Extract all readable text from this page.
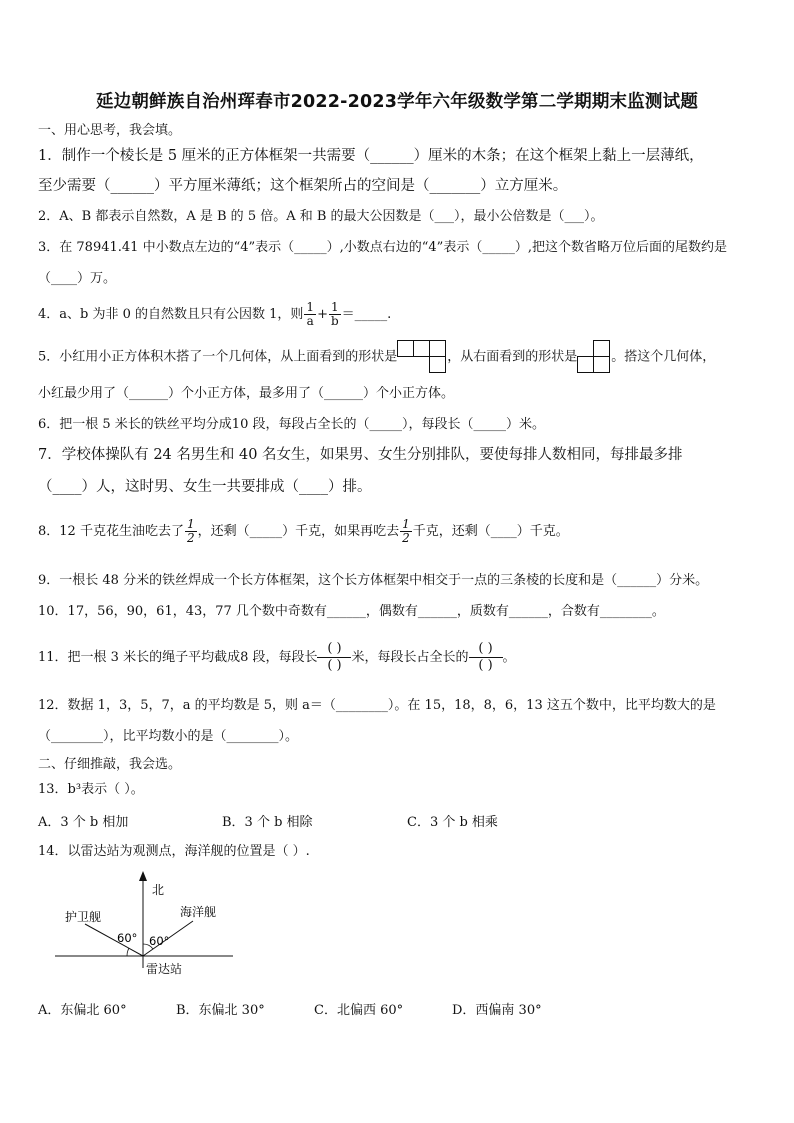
延边朝鲜族自治州珲春市2022-2023学年六年级数学第二学期期末监测试题
一、用心思考，我会填。
1．制作一个棱长是 5 厘米的正方体框架一共需要（______）厘米的木条；在这个框架上黏上一层薄纸，
至少需要（______）平方厘米薄纸；这个框架所占的空间是（_______）立方厘米。
2．A、B 都表示自然数，A 是 B 的 5 倍。A 和 B 的最大公因数是（___），最小公倍数是（___）。
3．在 78941.41 中小数点左边的“4”表示（_____）,小数点右边的“4”表示（_____）,把这个数省略万位后面的尾数约是
（____）万。
4．a、b 为非 0 的自然数且只有公因数 1，则 $\frac{1}{a} + \frac{1}{b}$ ＝_____.
5．小红用小正方体积木搭了一个几何体，从上面看到的形状是	，从右面看到的形状是	。搭这个几何体，
小红最少用了（______）个小正方体，最多用了（______）个小正方体。
6．把一根 5 米长的铁丝平均分成10 段，每段占全长的（_____），每段长（_____）米。
7．学校体操队有 24 名男生和 40 名女生，如果男、女生分别排队，要使每排人数相同，每排最多排
（____）人，这时男、女生一共要排成（____）排。
8．12 千克花生油吃去了 $\frac{1}{2}$ ，还剩（_____）千克，如果再吃去 $\frac{1}{2}$ 千克，还剩（____）千克。
9．一根长 48 分米的铁丝焊成一个长方体框架，这个长方体框架中相交于一点的三条棱的长度和是（______）分米。
10．17，56，90，61，43，77 几个数中奇数有______，偶数有______，质数有______，合数有________。
11．把一根 3 米长的绳子平均截成8 段，每段长 $\frac{( )}{( )}$米，每段长占全长的 $\frac{( )}{( )}$。
12．数据 1，3，5，7，a 的平均数是 5，则 a＝（________）。在 15，18，8，6，13 这五个数中，比平均数大的是
（________），比平均数小的是（________）。
二、仔细推敲，我会选。
13．b³表示（ ）。
A．3 个 b 相加	B．3 个 b 相除	C．3 个 b 相乘
14．以雷达站为观测点，海洋舰的位置是（ ）.
北
护卫舰	海洋舰
60° 60°
雷达站
A．东偏北 60°	B．东偏北 30°	C．北偏西 60°	D．西偏南 30°
